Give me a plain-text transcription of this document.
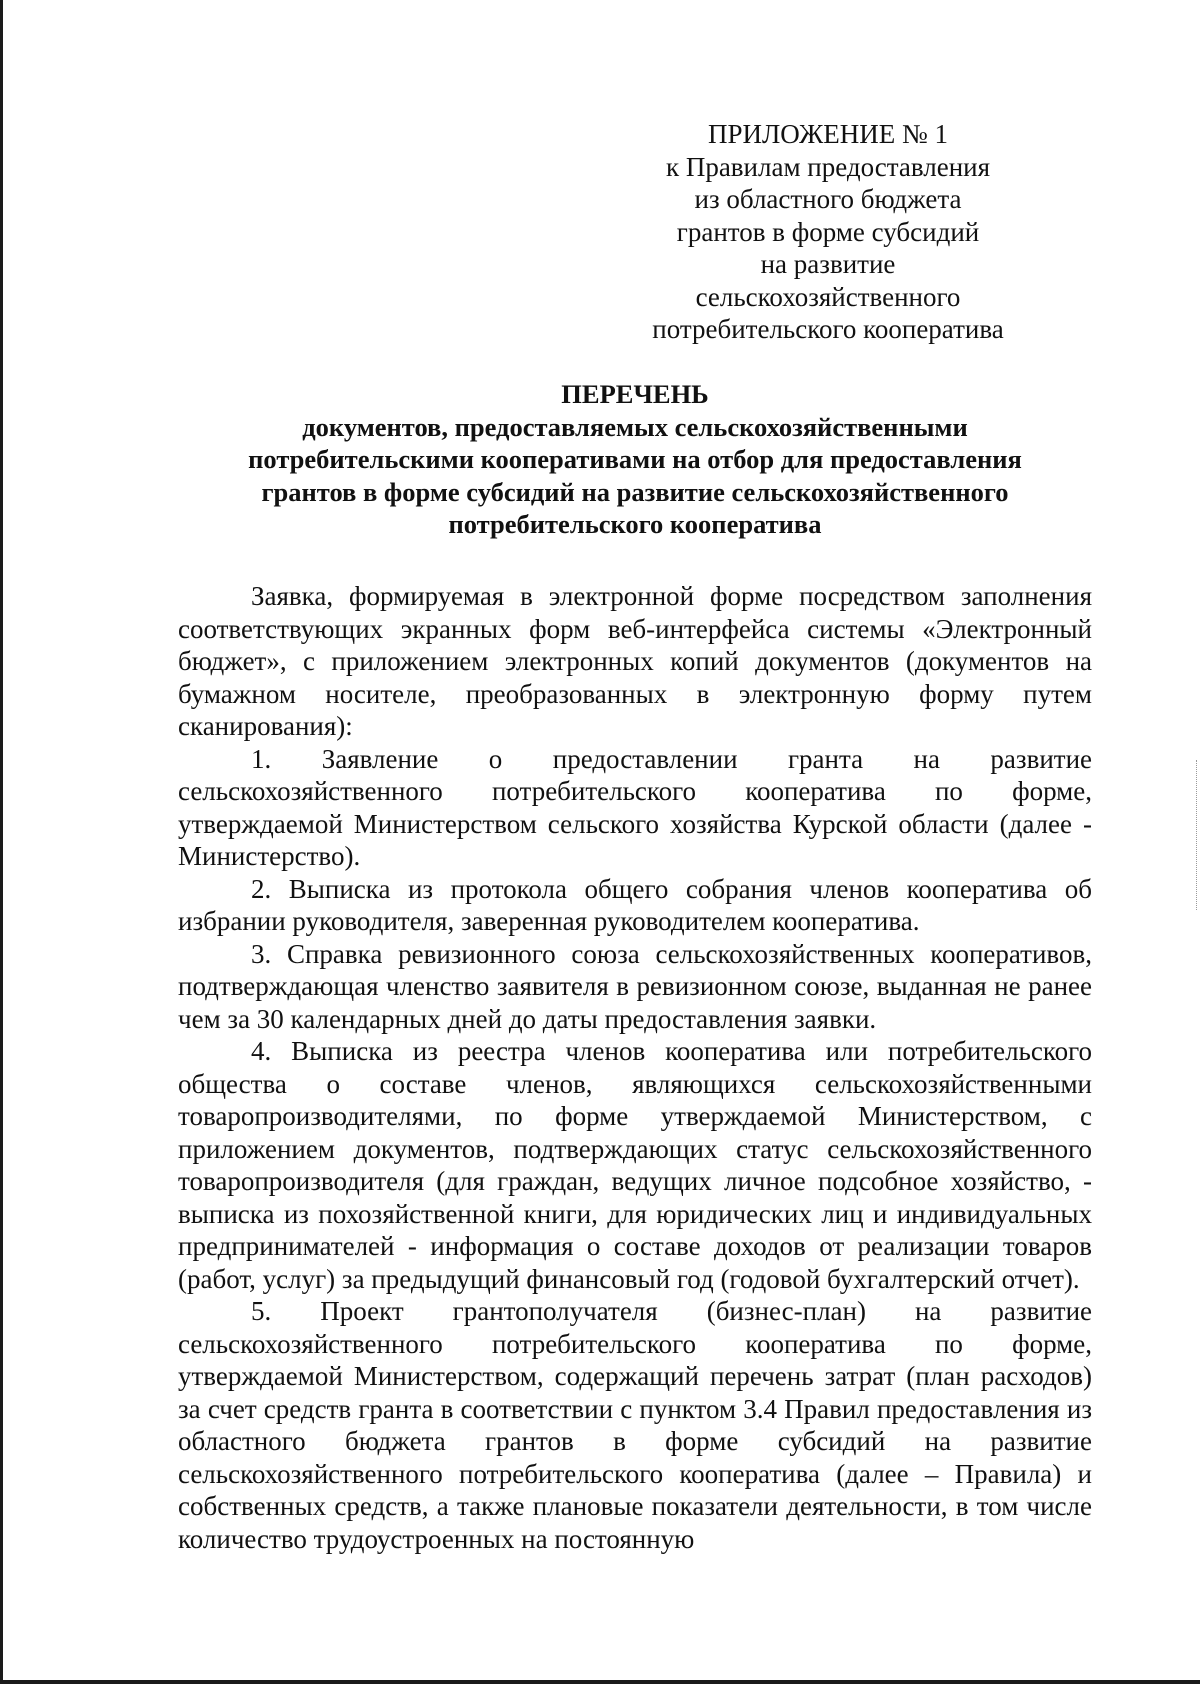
ПРИЛОЖЕНИЕ № 1
к Правилам предоставления
из областного бюджета
грантов в форме субсидий
на развитие сельскохозяйственного
потребительского кооператива
ПЕРЕЧЕНЬ
документов, предоставляемых сельскохозяйственными
потребительскими кооперативами на отбор для предоставления
грантов в форме субсидий на развитие сельскохозяйственного
потребительского кооператива

Заявка, формируемая в электронной форме посредством заполнения соответствующих экранных форм веб-интерфейса системы «Электронный бюджет», с приложением электронных копий документов (документов на бумажном носителе, преобразованных в электронную форму путем сканирования):

1. Заявление о предоставлении гранта на развитие сельскохозяйственного потребительского кооператива по форме, утверждаемой Министерством сельского хозяйства Курской области (далее - Министерство).

2. Выписка из протокола общего собрания членов кооператива об избрании руководителя, заверенная руководителем кооператива.

3. Справка ревизионного союза сельскохозяйственных кооперативов, подтверждающая членство заявителя в ревизионном союзе, выданная не ранее чем за 30 календарных дней до даты предоставления заявки.

4. Выписка из реестра членов кооператива или потребительского общества о составе членов, являющихся сельскохозяйственными товаропроизводителями, по форме утверждаемой Министерством, с приложением документов, подтверждающих статус сельскохозяйственного товаропроизводителя (для граждан, ведущих личное подсобное хозяйство, - выписка из похозяйственной книги, для юридических лиц и индивидуальных предпринимателей - информация о составе доходов от реализации товаров (работ, услуг) за предыдущий финансовый год (годовой бухгалтерский отчет).

5. Проект грантополучателя (бизнес-план) на развитие сельскохозяйственного потребительского кооператива по форме, утверждаемой Министерством, содержащий перечень затрат (план расходов) за счет средств гранта в соответствии с пунктом 3.4 Правил предоставления из областного бюджета грантов в форме субсидий на развитие сельскохозяйственного потребительского кооператива (далее – Правила) и собственных средств, а также плановые показатели деятельности, в том числе количество трудоустроенных на постоянную
